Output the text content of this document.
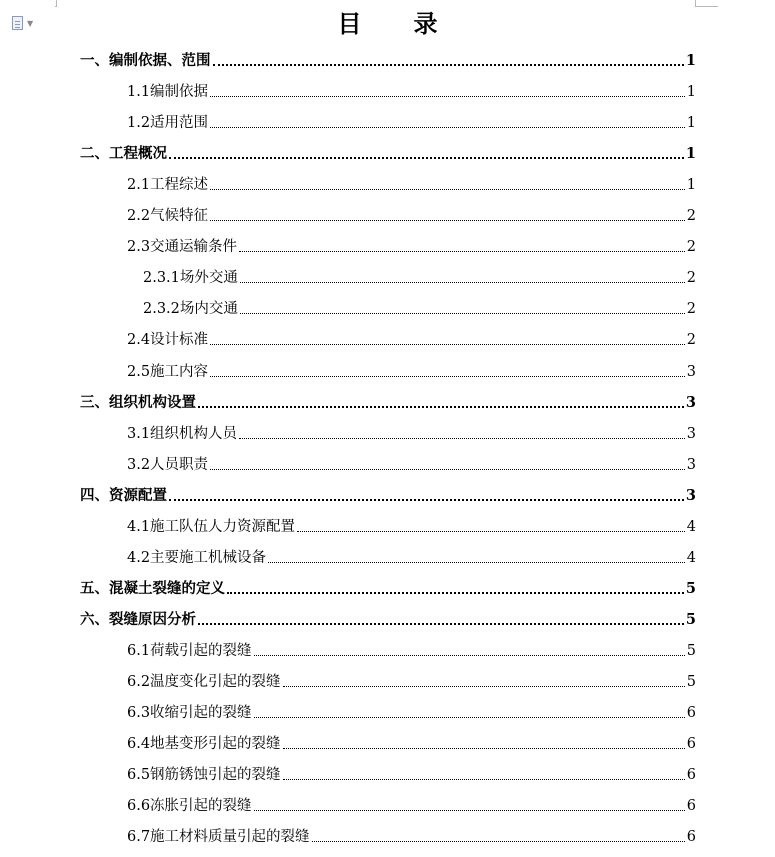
▼	目　录
一、编制依据、范围	1
1.1编制依据	1
1.2适用范围	1
二、工程概况	1
2.1工程综述	1
2.2气候特征	2
2.3交通运输条件	2
2.3.1场外交通	2
2.3.2场内交通	2
2.4设计标准	2
2.5施工内容	3
三、组织机构设置	3
3.1组织机构人员	3
3.2人员职责	3
四、资源配置	3
4.1施工队伍人力资源配置	4
4.2主要施工机械设备	4
五、混凝土裂缝的定义	5
六、裂缝原因分析	5
6.1荷载引起的裂缝	5
6.2温度变化引起的裂缝	5
6.3收缩引起的裂缝	6
6.4地基变形引起的裂缝	6
6.5钢筋锈蚀引起的裂缝	6
6.6冻胀引起的裂缝	6
6.7施工材料质量引起的裂缝	6
